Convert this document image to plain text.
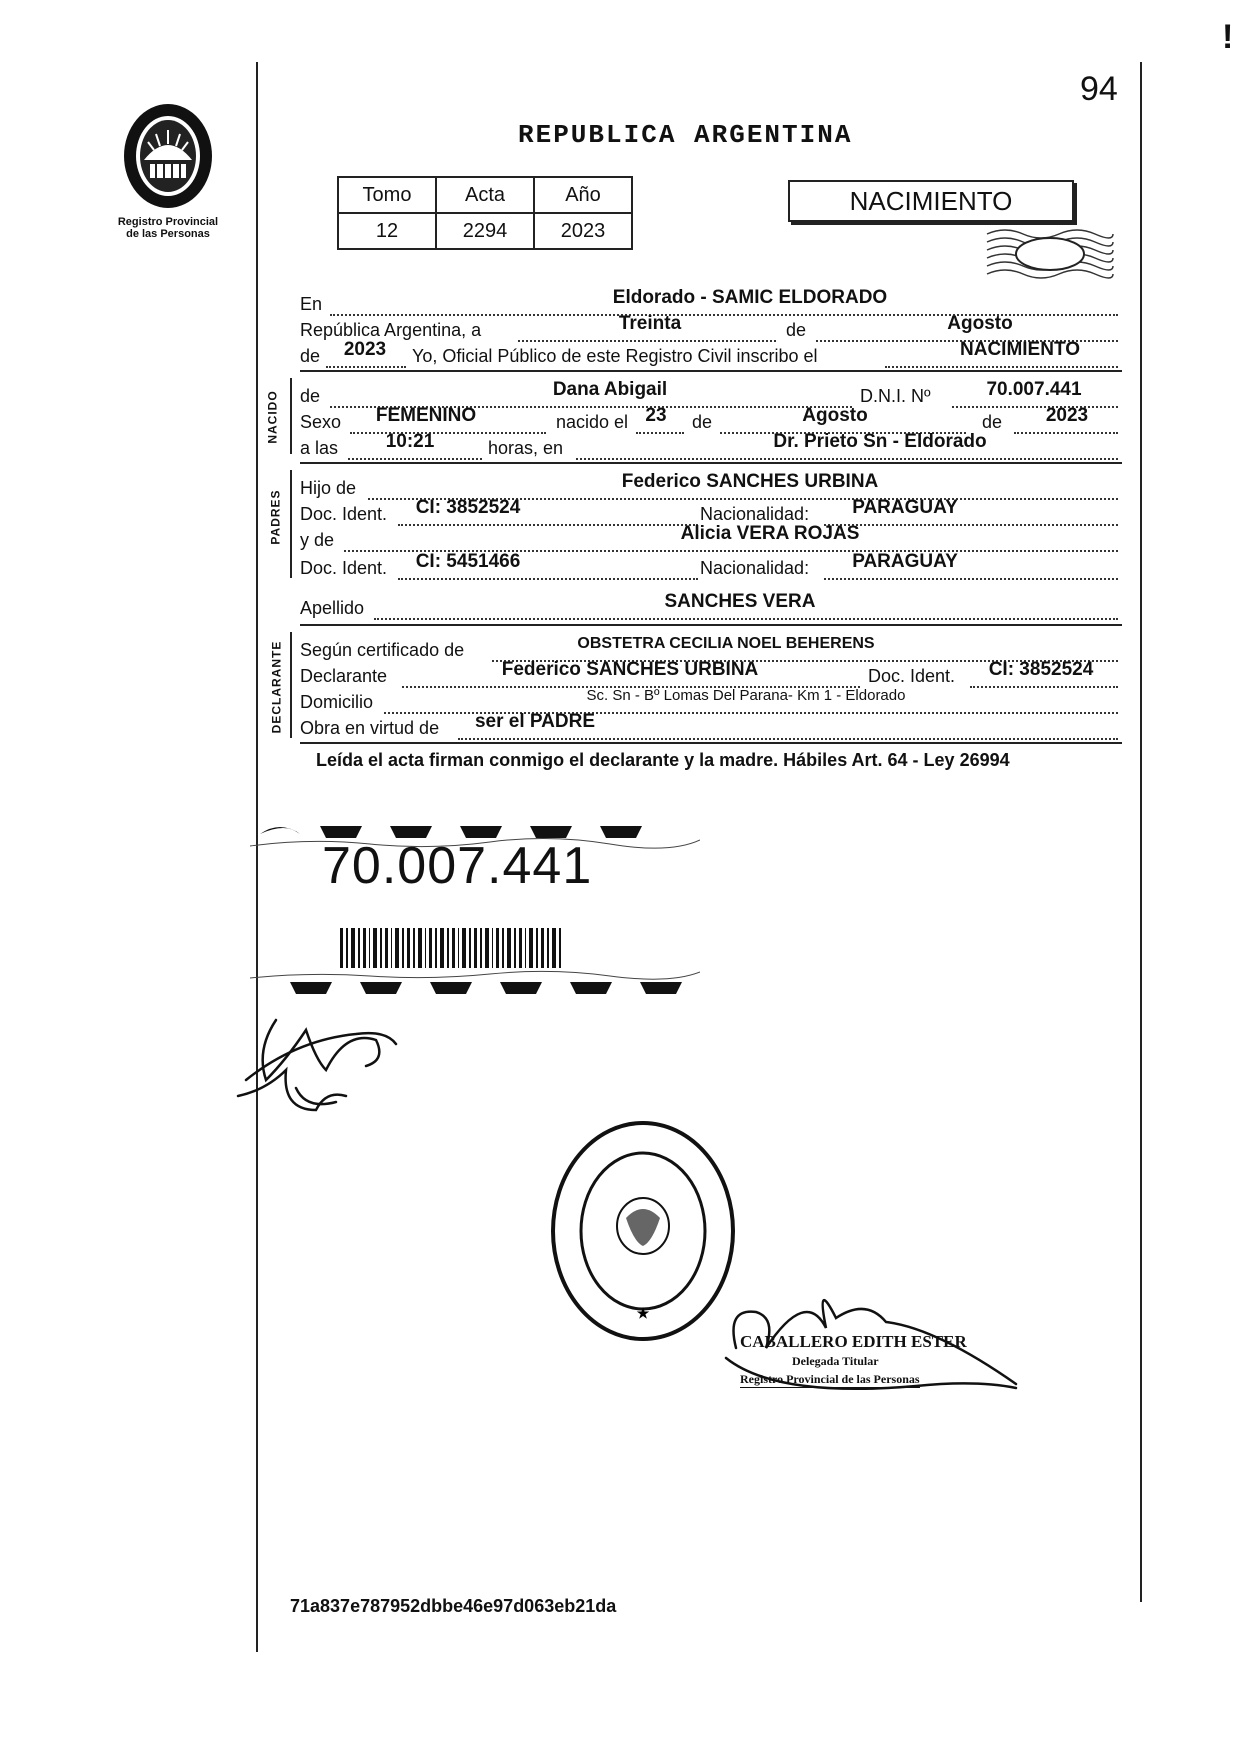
!
94
Registro Provincial
de las Personas
REPUBLICA ARGENTINA
Tomo	Acta	Año
12	2294	2023
NACIMIENTO
En	Eldorado - SAMIC ELDORADO
República Argentina, a	Treinta	de	Agosto
de	2023	Yo, Oficial Público de este Registro Civil inscribo el	NACIMIENTO
NACIDO de	Dana Abigail	D.N.I. Nº	70.007.441
Sexo	FEMENINO	nacido el 23	de	Agosto	de	2023
a las	10:21	horas, en	Dr. Prieto Sn - Eldorado
PADRES
Hijo de	Federico SANCHES URBINA
Doc. Ident.	CI: 3852524	Nacionalidad:	PARAGUAY
y de	Alicia VERA ROJAS
Doc. Ident.	CI: 5451466	Nacionalidad:	PARAGUAY
Apellido	SANCHES VERA
DECLARANTE Según certificado de	OBSTETRA CECILIA NOEL BEHERENS
Declarante	Federico SANCHES URBINA	Doc. Ident.	CI: 3852524
Domicilio	Sc. Sn - Bº Lomas Del Parana- Km 1 - Eldorado
Obra en virtud de	ser el PADRE
Leída el acta firman conmigo el declarante y la madre. Hábiles Art. 64 - Ley 26994
70.007.441
★
CABALLERO EDITH ESTER
Delegada Titular
Registro Provincial de las Personas
71a837e787952dbbe46e97d063eb21da
